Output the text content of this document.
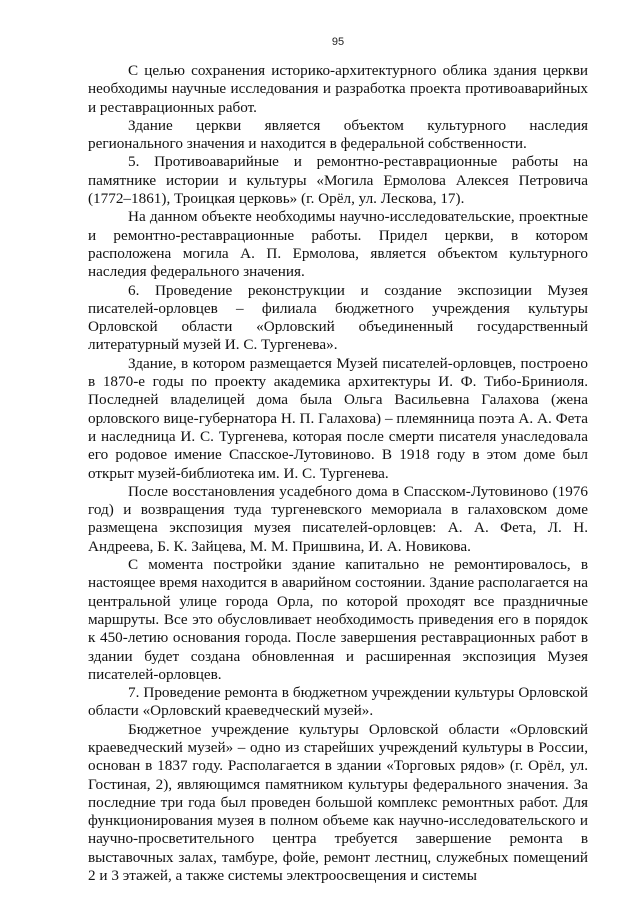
95

С целью сохранения историко-архитектурного облика здания церкви необходимы научные исследования и разработка проекта противоаварийных и реставрационных работ.

Здание церкви является объектом культурного наследия регионального значения и находится в федеральной собственности.

5. Противоаварийные и ремонтно-реставрационные работы на памятнике истории и культуры «Могила Ермолова Алексея Петровича (1772–1861), Троицкая церковь» (г. Орёл, ул. Лескова, 17).

На данном объекте необходимы научно-исследовательские, проектные и ремонтно-реставрационные работы. Придел церкви, в котором расположена могила А. П. Ермолова, является объектом культурного наследия федерального значения.

6. Проведение реконструкции и создание экспозиции Музея писателей-орловцев – филиала бюджетного учреждения культуры Орловской области «Орловский объединенный государственный литературный музей И. С. Тургенева».

Здание, в котором размещается Музей писателей-орловцев, построено в 1870-е годы по проекту академика архитектуры И. Ф. Тибо-Бриниоля. Последней владелицей дома была Ольга Васильевна Галахова (жена орловского вице-губернатора Н. П. Галахова) – племянница поэта А. А. Фета и наследница И. С. Тургенева, которая после смерти писателя унаследовала его родовое имение Спасское-Лутовиново. В 1918 году в этом доме был открыт музей-библиотека им. И. С. Тургенева.

После восстановления усадебного дома в Спасском-Лутовиново (1976 год) и возвращения туда тургеневского мемориала в галаховском доме размещена экспозиция музея писателей-орловцев: А. А. Фета, Л. Н. Андреева, Б. К. Зайцева, М. М. Пришвина, И. А. Новикова.

С момента постройки здание капитально не ремонтировалось, в настоящее время находится в аварийном состоянии. Здание располагается на центральной улице города Орла, по которой проходят все праздничные маршруты. Все это обусловливает необходимость приведения его в порядок к 450-летию основания города. После завершения реставрационных работ в здании будет создана обновленная и расширенная экспозиция Музея писателей-орловцев.

7. Проведение ремонта в бюджетном учреждении культуры Орловской области «Орловский краеведческий музей».

Бюджетное учреждение культуры Орловской области «Орловский краеведческий музей» – одно из старейших учреждений культуры в России, основан в 1837 году. Располагается в здании «Торговых рядов» (г. Орёл, ул. Гостиная, 2), являющимся памятником культуры федерального значения. За последние три года был проведен большой комплекс ремонтных работ. Для функционирования музея в полном объеме как научно-исследовательского и научно-просветительного центра требуется завершение ремонта в выставочных залах, тамбуре, фойе, ремонт лестниц, служебных помещений 2 и 3 этажей, а также системы электроосвещения и системы
